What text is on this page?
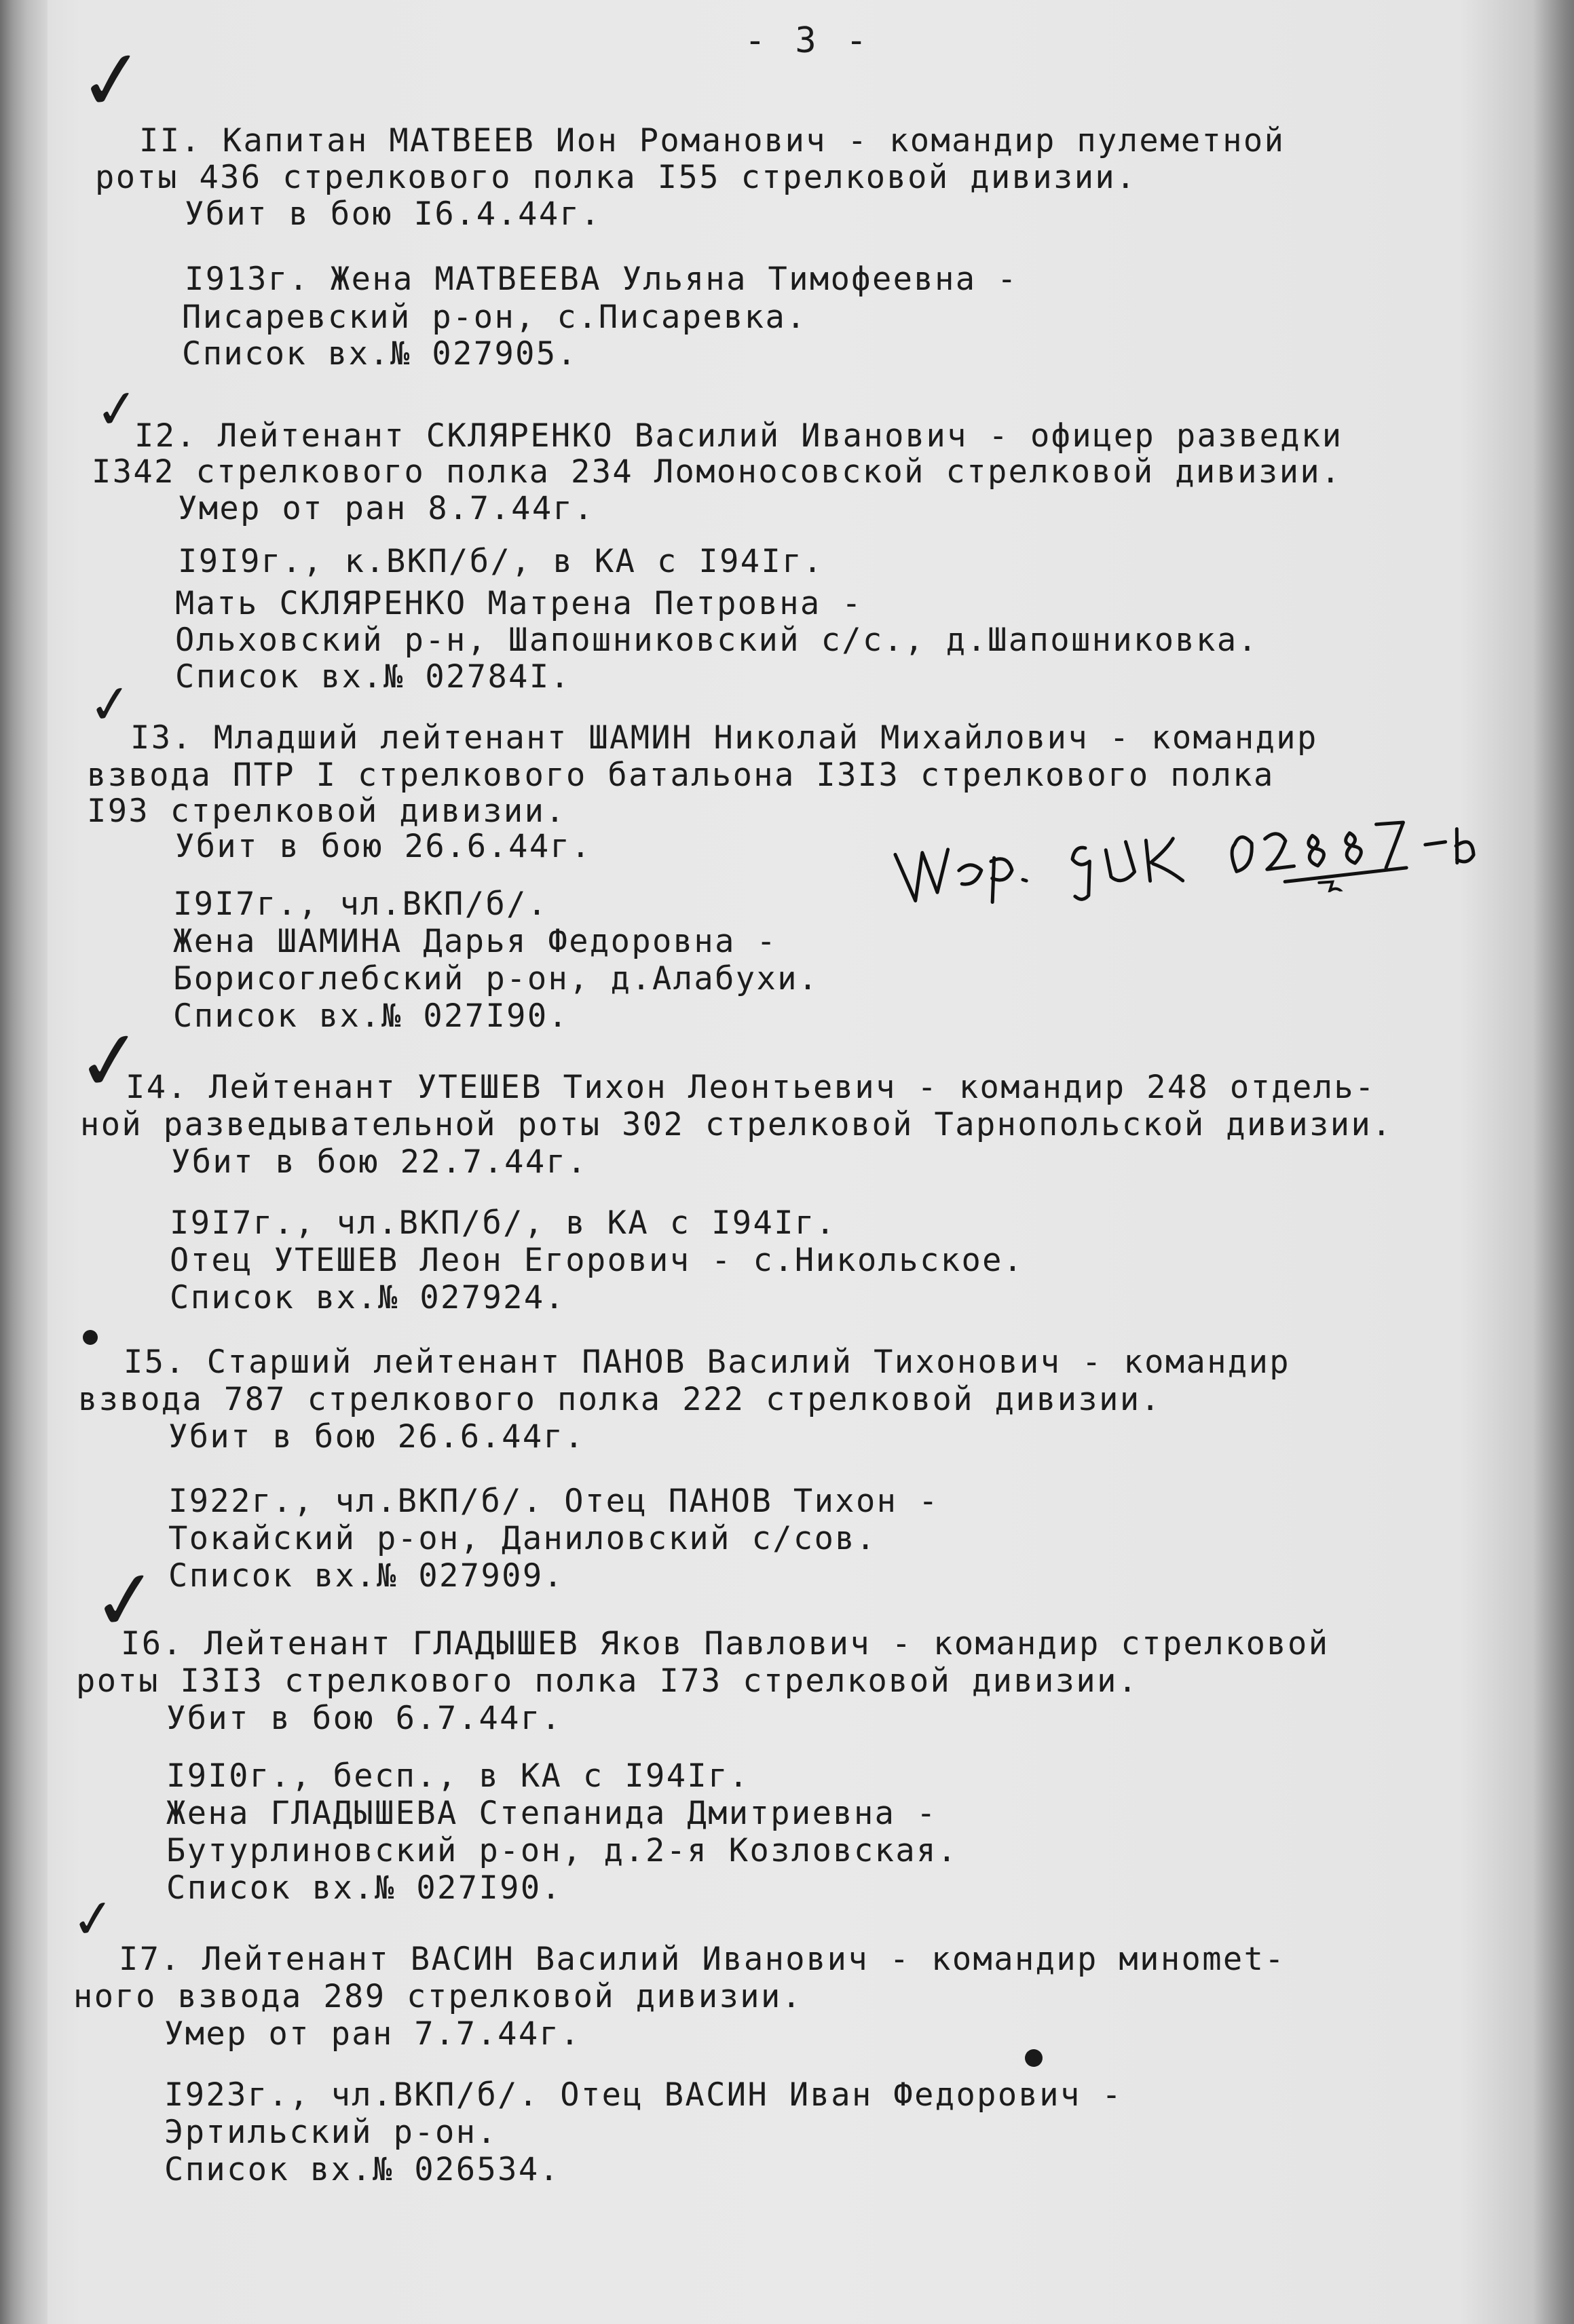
- 3 -
✓
II. Капитан МАТВЕЕВ Ион Романович - командир пулеметной
роты 436 стрелкового полка I55 стрелковой дивизии.
Убит в бою I6.4.44г.
I913г. Жена МАТВЕЕВА Ульяна Тимофеевна -
Писаревский р-он, с.Писаревка.
Список вх.№ 027905.
✓
I2. Лейтенант СКЛЯРЕНКО Василий Иванович - офицер разведки
I342 стрелкового полка 234 Ломоносовской стрелковой дивизии.
Умер от ран 8.7.44г.
I9I9г., к.ВКП/б/, в КА с I94Iг.
Мать СКЛЯРЕНКО Матрена Петровна -
Ольховский р-н, Шапошниковский с/с., д.Шапошниковка.
Список вх.№ 02784I.
✓
I3. Младший лейтенант ШАМИН Николай Михайлович - командир
взвода ПТР I стрелкового батальона I3I3 стрелкового полка
I93 стрелковой дивизии.
Убит в бою 26.6.44г.
I9I7г., чл.ВКП/б/.
Жена ШАМИНА Дарья Федоровна -
Борисоглебский р-он, д.Алабухи.
Список вх.№ 027I90.
✓
I4. Лейтенант УТЕШЕВ Тихон Леонтьевич - командир 248 отдель-
ной разведывательной роты 302 стрелковой Тарнопольской дивизии.
Убит в бою 22.7.44г.
I9I7г., чл.ВКП/б/, в КА с I94Iг.
Отец УТЕШЕВ Леон Егорович - с.Никольское.
Список вх.№ 027924.
I5. Старший лейтенант ПАНОВ Василий Тихонович - командир
взвода 787 стрелкового полка 222 стрелковой дивизии.
Убит в бою 26.6.44г.
I922г., чл.ВКП/б/. Отец ПАНОВ Тихон -
Токайский р-он, Даниловский с/сов.
Список вх.№ 027909.
✓
I6. Лейтенант ГЛАДЫШЕВ Яков Павлович - командир стрелковой
роты I3I3 стрелкового полка I73 стрелковой дивизии.
Убит в бою 6.7.44г.
I9I0г., бесп., в КА с I94Iг.
Жена ГЛАДЫШЕВА Степанида Дмитриевна -
Бутурлиновский р-он, д.2-я Козловская.
Список вх.№ 027I90.
✓
I7. Лейтенант ВАСИН Василий Иванович - командир минomet-
ного взвода 289 стрелковой дивизии.
Умер от ран 7.7.44г.
I923г., чл.ВКП/б/. Отец ВАСИН Иван Федорович -
Эртильский р-он.
Список вх.№ 026534.
